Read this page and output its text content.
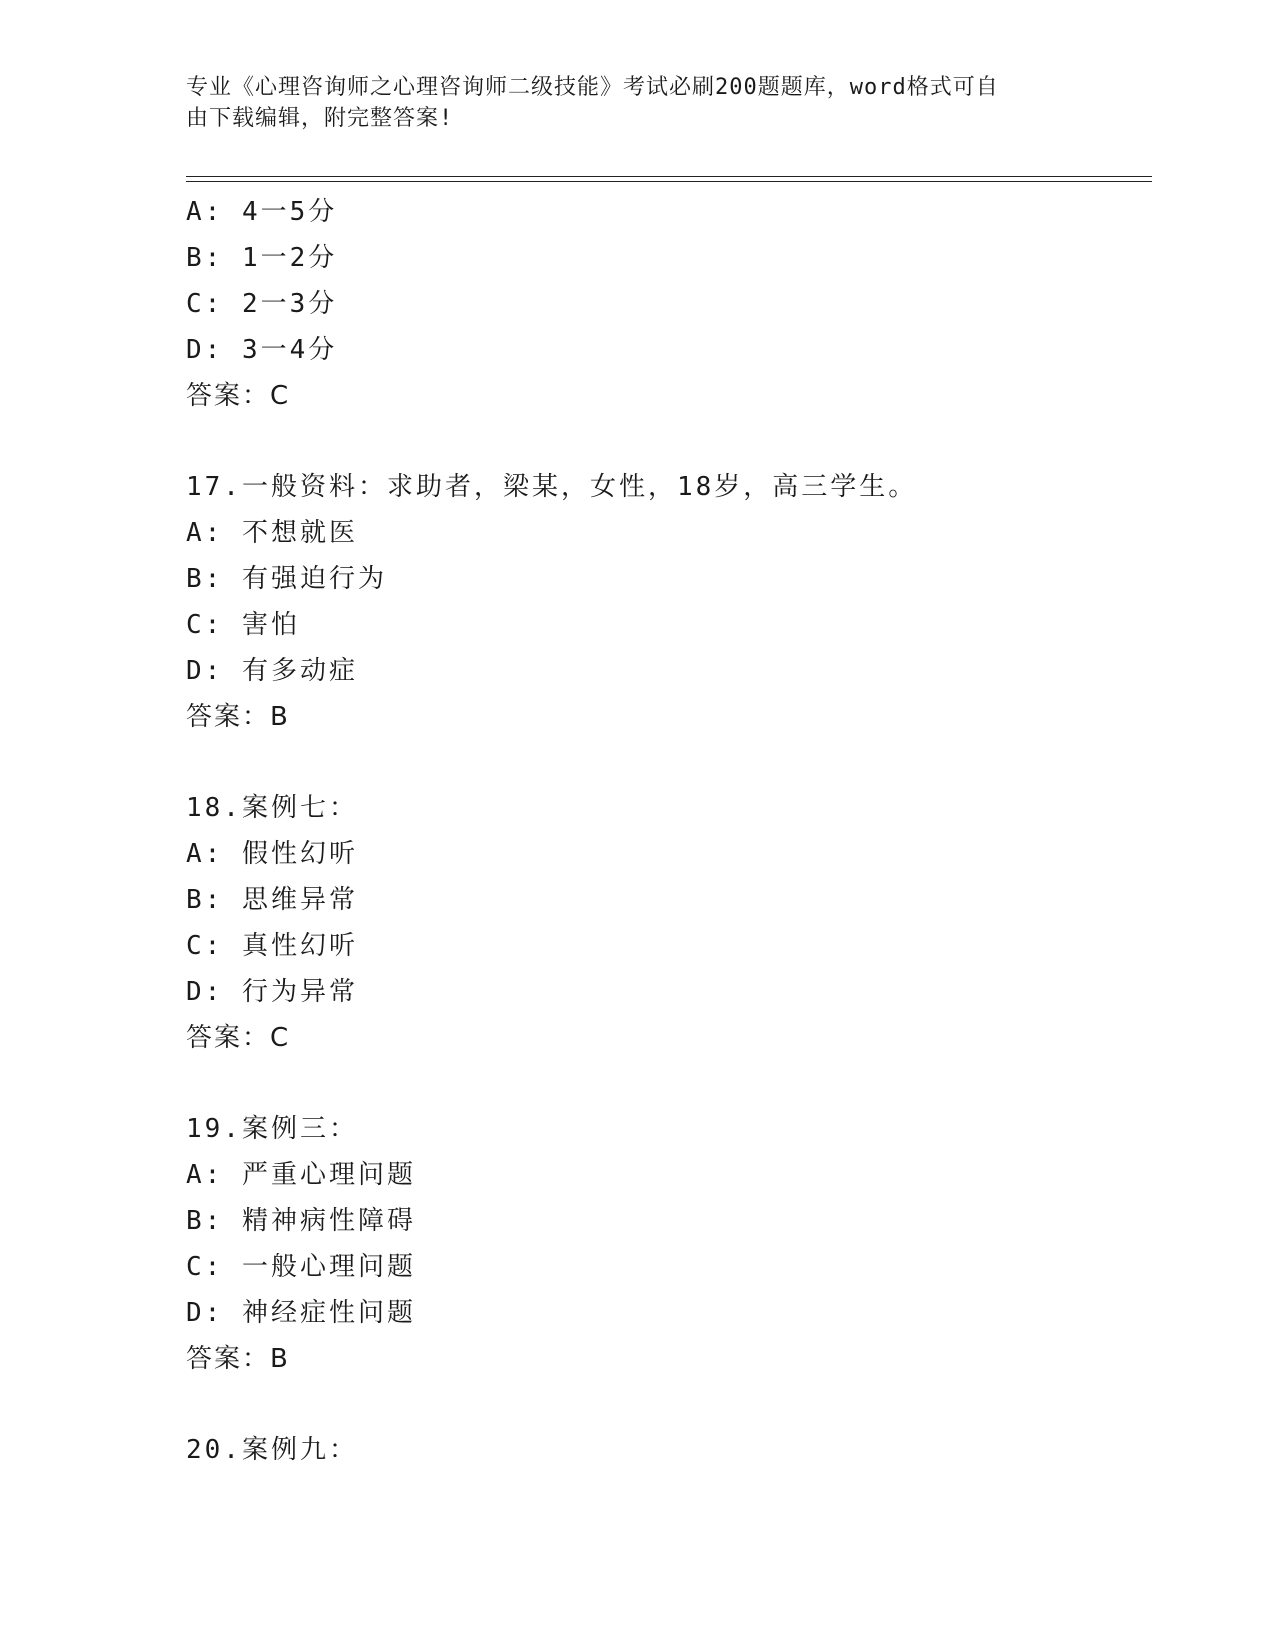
专业《心理咨询师之心理咨询师二级技能》考试必刷200题题库，word格式可自
由下载编辑，附完整答案!
A: 4一5分
B: 1一2分
C: 2一3分
D: 3一4分
答案：C
17.一般资料：求助者，梁某，女性，18岁，高三学生。
A: 不想就医
B: 有强迫行为
C: 害怕
D: 有多动症
答案：B
18.案例七：
A: 假性幻听
B: 思维异常
C: 真性幻听
D: 行为异常
答案：C
19.案例三：
A: 严重心理问题
B: 精神病性障碍
C: 一般心理问题
D: 神经症性问题
答案：B
20.案例九：
